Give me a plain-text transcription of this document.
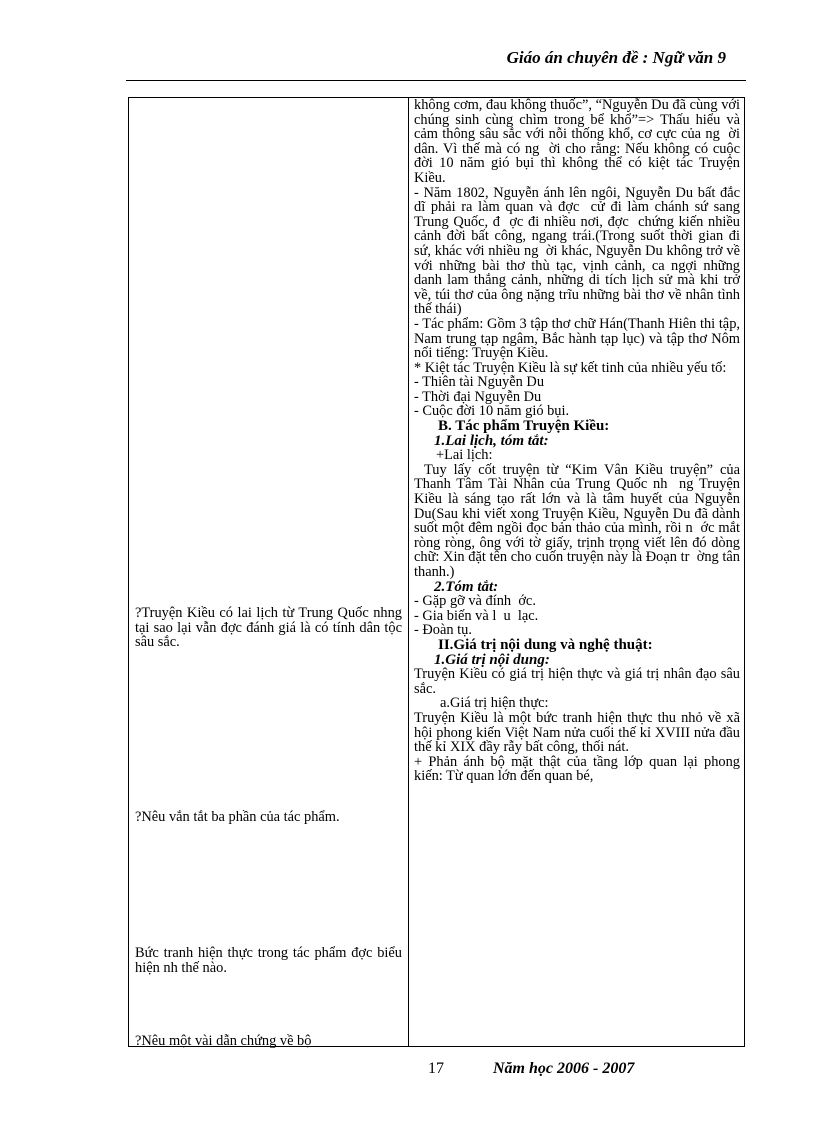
Giáo án chuyên đề : Ngữ văn 9
?Truyện Kiều có lai lịch từ Trung Quốc nhng tại sao lại vẫn đợc đánh giá là có tính dân tộc sâu sắc.
?Nêu vắn tắt ba phần của tác phẩm.
Bức tranh hiện thực trong tác phẩm đợc biểu hiện nh thế nào.
?Nêu một vài dẫn chứng về bộ

không cơm, đau không thuốc”, “Nguyễn Du đã cùng với chúng sinh cùng chìm trong bể khổ”=> Thấu hiểu và cảm thông sâu sắc với nỗi thống khổ, cơ cực của ng  ời dân. Vì thế mà có ng  ời cho rằng: Nếu không có cuộc đời 10 năm gió bụi thì không thể có kiệt tác Truyện Kiều.

- Năm 1802, Nguyễn ánh lên ngôi, Nguyễn Du bất đắc dĩ phải ra làm quan và đợc  cử đi làm chánh sứ sang Trung Quốc, đ  ợc đi nhiều nơi, đợc  chứng kiến nhiều cảnh đời bất công, ngang trái.(Trong suốt thời gian đi sứ, khác với nhiều ng  ời khác, Nguyễn Du không trở về với những bài thơ thù tạc, vịnh cảnh, ca ngợi những danh lam thắng cảnh, những di tích lịch sử mà khi trở về, túi thơ của ông nặng trĩu những bài thơ về nhân tình thế thái)

- Tác phẩm: Gồm 3 tập thơ chữ Hán(Thanh Hiên thi tập, Nam trung tạp ngâm, Bắc hành tạp lục) và tập thơ Nôm nổi tiếng: Truyện Kiều.

* Kiệt tác Truyện Kiều là sự kết tinh của nhiều yếu tố:

- Thiên tài Nguyễn Du

- Thời đại Nguyễn Du

- Cuộc đời 10 năm gió bụi.

B. Tác phẩm Truyện Kiều:

1.Lai lịch, tóm tắt:

+Lai lịch:

Tuy lấy cốt truyện từ “Kim Vân Kiều truyện” của Thanh Tâm Tài Nhân của Trung Quốc nh  ng Truyện Kiều là sáng tạo rất lớn và là tâm huyết của Nguyễn Du(Sau khi viết xong Truyện Kiều, Nguyễn Du đã dành suốt một đêm ngồi đọc bản thảo của mình, rồi n  ớc mắt ròng ròng, ông với tờ giấy, trịnh trọng viết lên đó dòng chữ: Xin đặt tên cho cuốn truyện này là Đoạn tr  ờng tân thanh.)

2.Tóm tắt:

- Gặp gỡ và đính  ớc.

- Gia biến và l  u  lạc.

- Đoàn tụ.

II.Giá trị nội dung và nghệ thuật:

1.Giá trị nội dung:

Truyện Kiều có giá trị hiện thực và giá trị nhân đạo sâu sắc.

a.Giá trị hiện thực:

Truyện Kiều là một bức tranh hiện thực thu nhỏ về xã hội phong kiến Việt Nam nửa cuối thế kỉ XVIII nửa đầu thế kỉ XIX đầy rẫy bất công, thối nát.

+ Phản ánh bộ mặt thật của tầng lớp quan lại phong kiến: Từ quan lớn đến quan bé,

17	Năm học 2006 - 2007
